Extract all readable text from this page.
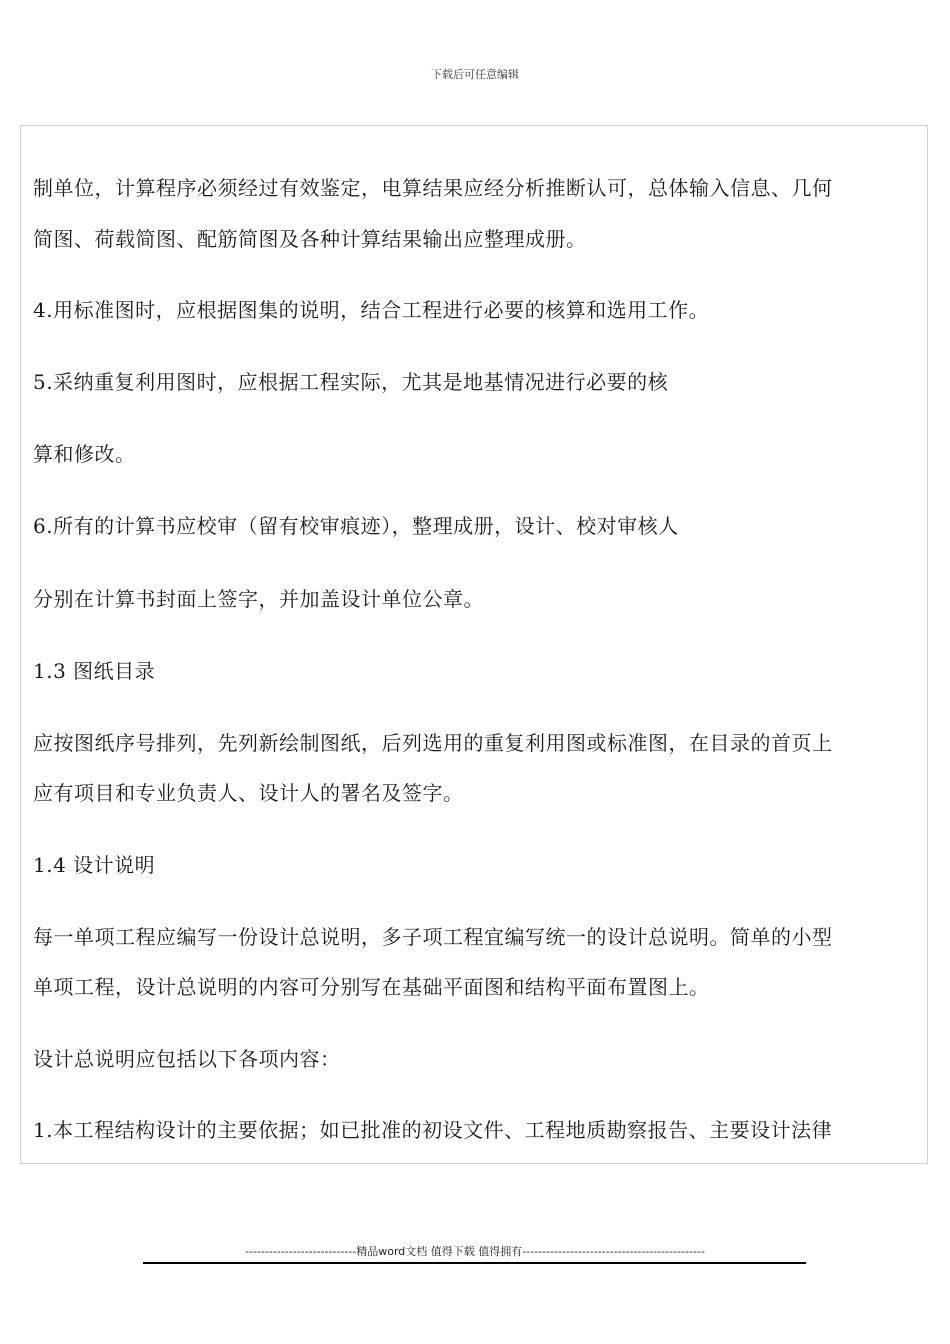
下载后可任意编辑
制单位，计算程序必须经过有效鉴定，电算结果应经分析推断认可，总体输入信息、几何
简图、荷载简图、配筋简图及各种计算结果输出应整理成册。
4.用标准图时，应根据图集的说明，结合工程进行必要的核算和选用工作。
5.采纳重复利用图时，应根据工程实际，尤其是地基情况进行必要的核
算和修改。
6.所有的计算书应校审（留有校审痕迹），整理成册，设计、校对审核人
分别在计算书封面上签字，并加盖设计单位公章。
1.3 图纸目录
应按图纸序号排列，先列新绘制图纸，后列选用的重复利用图或标准图，在目录的首页上
应有项目和专业负责人、设计人的署名及签字。
1.4 设计说明
每一单项工程应编写一份设计总说明，多子项工程宜编写统一的设计总说明。简单的小型
单项工程，设计总说明的内容可分别写在基础平面图和结构平面布置图上。
设计总说明应包括以下各项内容：
1.本工程结构设计的主要依据；如已批准的初设文件、工程地质勘察报告、主要设计法律
----------------------------精品word文档 值得下载 值得拥有----------------------------------------------
